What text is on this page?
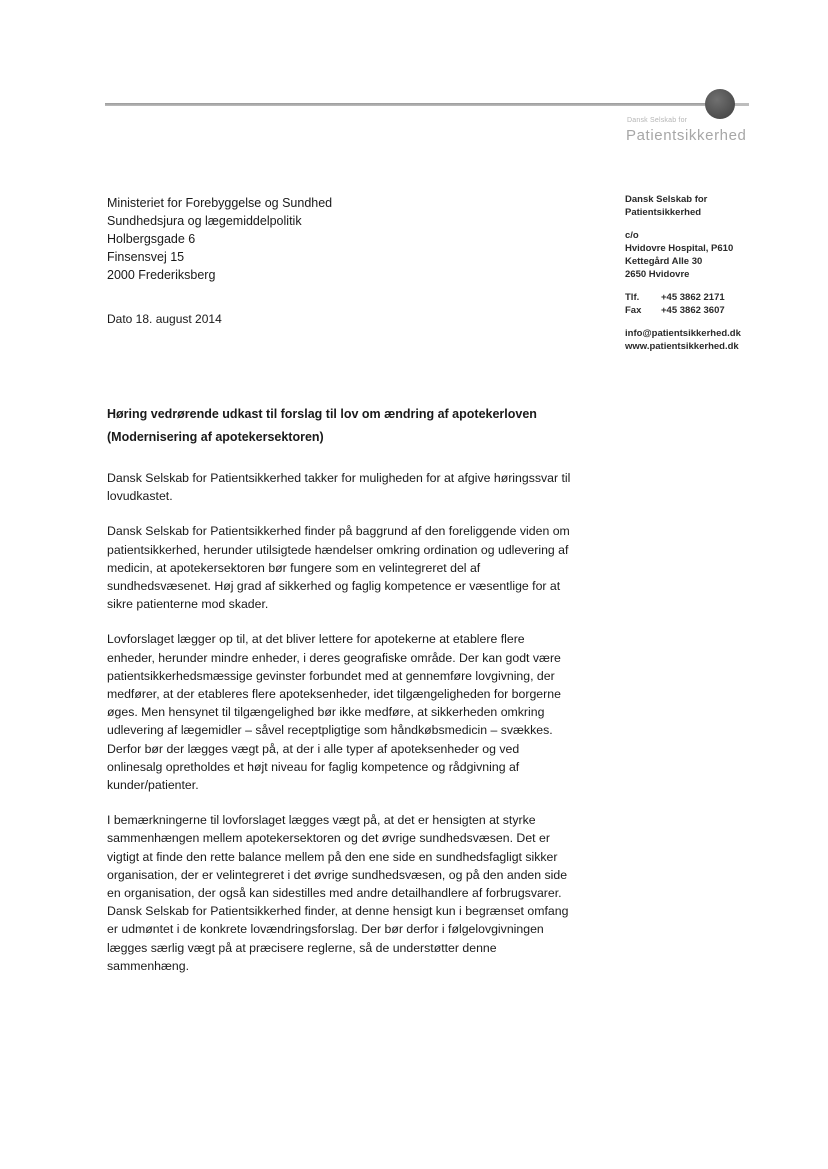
Dansk Selskab for
Patientsikkerhed
Ministeriet for Forebyggelse og Sundhed
Sundhedsjura og lægemiddelpolitik
Holbergsgade 6
Finsensvej 15
2000 Frederiksberg
Dato 18. august 2014
Dansk Selskab for
Patientsikkerhed
c/o
Hvidovre Hospital, P610
Kettegård Alle 30
2650 Hvidovre
Tlf.	+45 3862 2171
Fax	+45 3862 3607
info@patientsikkerhed.dk
www.patientsikkerhed.dk
Høring vedrørende udkast til forslag til lov om ændring af apotekerloven
(Modernisering af apotekersektoren)

Dansk Selskab for Patientsikkerhed takker for muligheden for at afgive høringssvar til
lovudkastet.

Dansk Selskab for Patientsikkerhed finder på baggrund af den foreliggende viden om
patientsikkerhed, herunder utilsigtede hændelser omkring ordination og udlevering af
medicin, at apotekersektoren bør fungere som en velintegreret del af
sundhedsvæsenet. Høj grad af sikkerhed og faglig kompetence er væsentlige for at
sikre patienterne mod skader.

Lovforslaget lægger op til, at det bliver lettere for apotekerne at etablere flere
enheder, herunder mindre enheder, i deres geografiske område. Der kan godt være
patientsikkerhedsmæssige gevinster forbundet med at gennemføre lovgivning, der
medfører, at der etableres flere apoteksenheder, idet tilgængeligheden for borgerne
øges. Men hensynet til tilgængelighed bør ikke medføre, at sikkerheden omkring
udlevering af lægemidler – såvel receptpligtige som håndkøbsmedicin – svækkes.
Derfor bør der lægges vægt på, at der i alle typer af apoteksenheder og ved
onlinesalg opretholdes et højt niveau for faglig kompetence og rådgivning af
kunder/patienter.

I bemærkningerne til lovforslaget lægges vægt på, at det er hensigten at styrke
sammenhængen mellem apotekersektoren og det øvrige sundhedsvæsen. Det er
vigtigt at finde den rette balance mellem på den ene side en sundhedsfagligt sikker
organisation, der er velintegreret i det øvrige sundhedsvæsen, og på den anden side
en organisation, der også kan sidestilles med andre detailhandlere af forbrugsvarer.
Dansk Selskab for Patientsikkerhed finder, at denne hensigt kun i begrænset omfang
er udmøntet i de konkrete lovændringsforslag. Der bør derfor i følgelovgivningen
lægges særlig vægt på at præcisere reglerne, så de understøtter denne
sammenhæng.
